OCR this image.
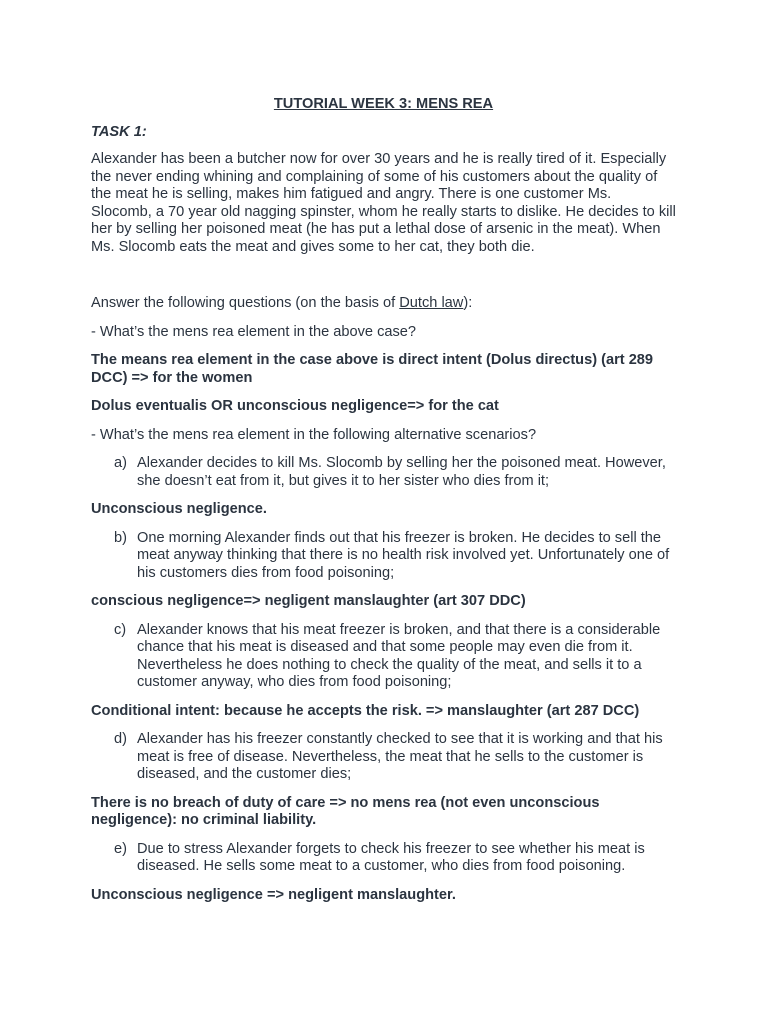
TUTORIAL WEEK 3: MENS REA
TASK 1:

Alexander has been a butcher now for over 30 years and he is really tired of it. Especially the never ending whining and complaining of some of his customers about the quality of the meat he is selling, makes him fatigued and angry. There is one customer Ms. Slocomb, a 70 year old nagging spinster, whom he really starts to dislike. He decides to kill her by selling her poisoned meat (he has put a lethal dose of arsenic in the meat). When Ms. Slocomb eats the meat and gives some to her cat, they both die.

Answer the following questions (on the basis of Dutch law):

- What’s the mens rea element in the above case?

The means rea element in the case above is direct intent (Dolus directus) (art 289 DCC) => for the women

Dolus eventualis OR unconscious negligence=> for the cat

- What’s the mens rea element in the following alternative scenarios?

a) Alexander decides to kill Ms. Slocomb by selling her the poisoned meat. However, she doesn’t eat from it, but gives it to her sister who dies from it;

Unconscious negligence.

b) One morning Alexander finds out that his freezer is broken. He decides to sell the meat anyway thinking that there is no health risk involved yet. Unfortunately one of his customers dies from food poisoning;

conscious negligence=> negligent manslaughter (art 307 DDC)

c) Alexander knows that his meat freezer is broken, and that there is a considerable chance that his meat is diseased and that some people may even die from it. Nevertheless he does nothing to check the quality of the meat, and sells it to a customer anyway, who dies from food poisoning;

Conditional intent: because he accepts the risk. => manslaughter (art 287 DCC)

d) Alexander has his freezer constantly checked to see that it is working and that his meat is free of disease. Nevertheless, the meat that he sells to the customer is diseased, and the customer dies;

There is no breach of duty of care => no mens rea (not even unconscious negligence): no criminal liability.

e) Due to stress Alexander forgets to check his freezer to see whether his meat is diseased. He sells some meat to a customer, who dies from food poisoning.

Unconscious negligence => negligent manslaughter.
